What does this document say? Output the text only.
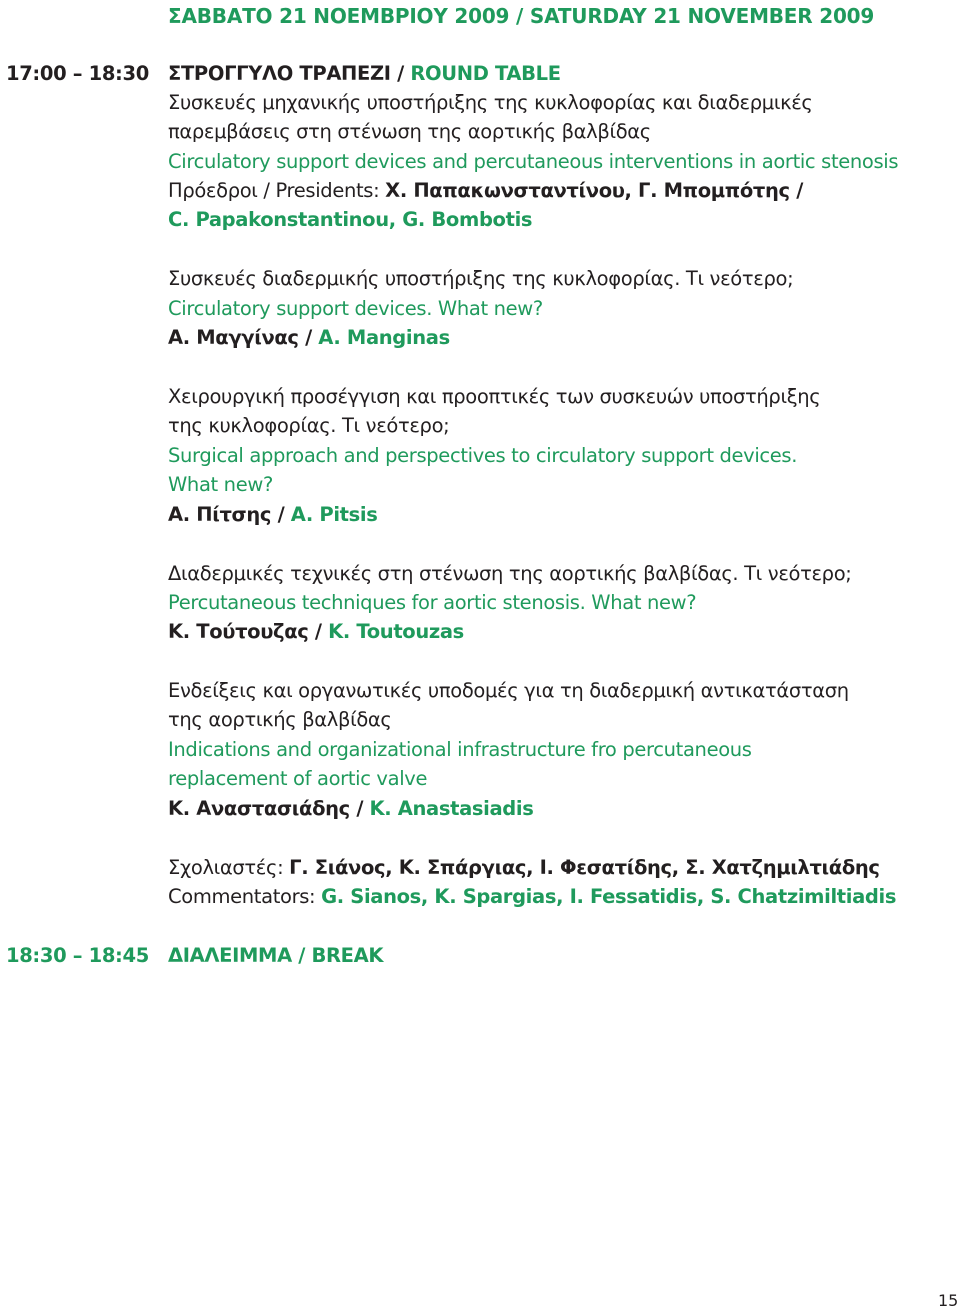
ΣΑΒΒΑΤΟ 21 ΝΟΕΜΒΡΙΟΥ 2009 / SATURDAY 21 NOVEMBER 2009
17:00 – 18:30 ΣΤΡΟΓΓΥΛΟ ΤΡΑΠΕΖΙ / ROUND TABLE
Συσκευές μηχανικής υποστήριξης της κυκλοφορίας και διαδερμικές
παρεμβάσεις στη στένωση της αορτικής βαλβίδας
Circulatory support devices and percutaneous interventions in aortic stenosis
Πρόεδροι / Presidents: Χ. Παπακωνσταντίνου, Γ. Μπομπότης /
C. Papakonstantinou, G. Bombotis
Συσκευές διαδερμικής υποστήριξης της κυκλοφορίας. Τι νεότερο;
Circulatory support devices. What new?
Α. Μαγγίνας / A. Manginas
Χειρουργική προσέγγιση και προοπτικές των συσκευών υποστήριξης
της κυκλοφορίας. Τι νεότερο;
Surgical approach and perspectives to circulatory support devices.
What new?
Α. Πίτσης / A. Pitsis
Διαδερμικές τεχνικές στη στένωση της αορτικής βαλβίδας. Τι νεότερο;
Percutaneous techniques for aortic stenosis. What new?
Κ. Τούτουζας / K. Toutouzas
Ενδείξεις και οργανωτικές υποδομές για τη διαδερμική αντικατάσταση
της αορτικής βαλβίδας
Indications and organizational infrastructure fro percutaneous
replacement of aortic valve
Κ. Αναστασιάδης / K. Anastasiadis
Σχολιαστές: Γ. Σιάνος, Κ. Σπάργιας, Ι. Φεσατίδης, Σ. Χατζημιλτιάδης
Commentators: G. Sianos, K. Spargias, I. Fessatidis, S. Chatzimiltiadis
18:30 – 18:45 ΔΙΑΛΕΙΜΜΑ / BREAK
15
